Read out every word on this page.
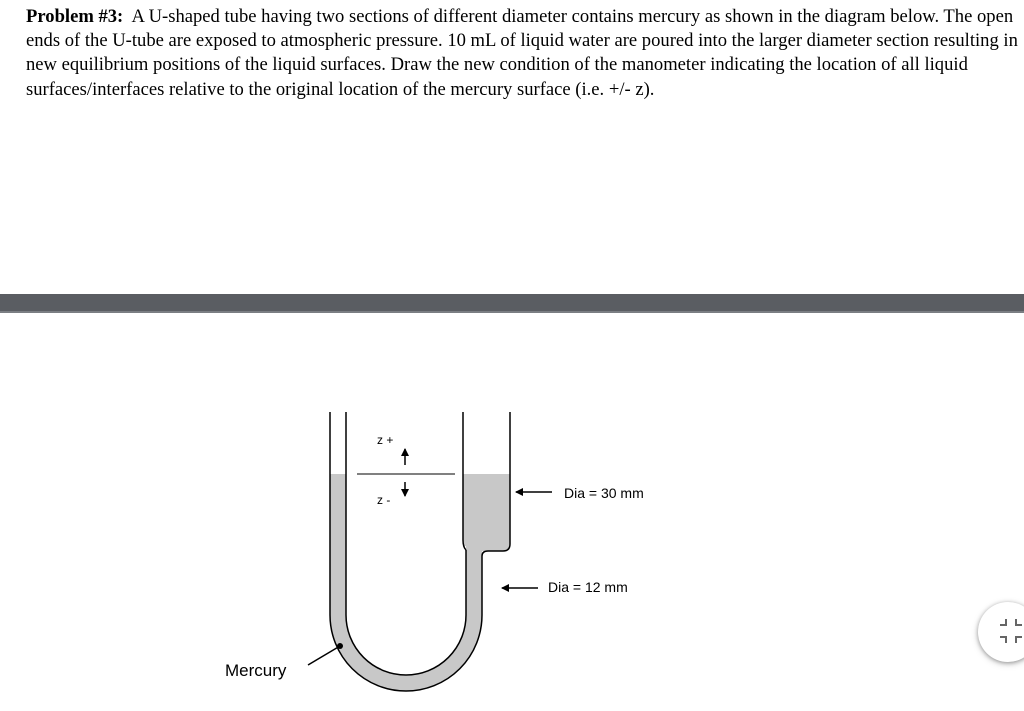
Problem #3: A U-shaped tube having two sections of different diameter contains mercury as shown in the diagram below. The open ends of the U-tube are exposed to atmospheric pressure. 10 mL of liquid water are poured into the larger diameter section resulting in new equilibrium positions of the liquid surfaces. Draw the new condition of the manometer indicating the location of all liquid surfaces/interfaces relative to the original location of the mercury surface (i.e. +/- z).
z +
z -	Dia = 30 mm
Dia = 12 mm
Mercury
